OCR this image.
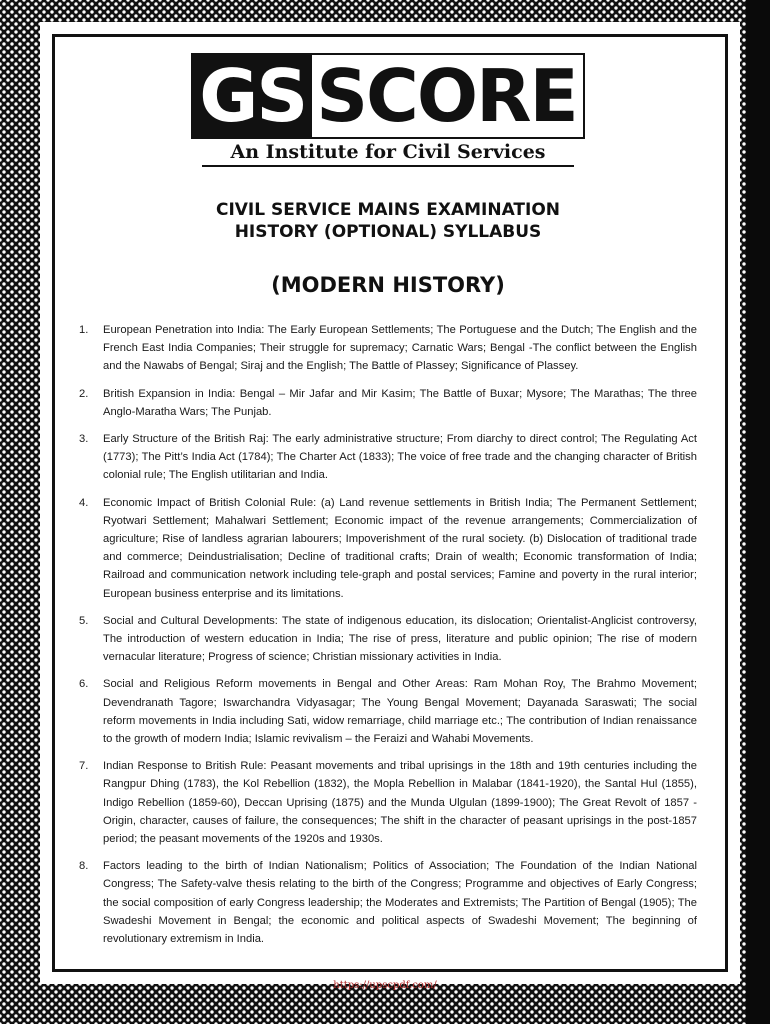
GS SCORE
An Institute for Civil Services
CIVIL SERVICE MAINS EXAMINATION
HISTORY (OPTIONAL) SYLLABUS
(MODERN HISTORY)
1.	European Penetration into India: The Early European Settlements; The Portuguese and the Dutch; The English and the French East India Companies; Their struggle for supremacy; Carnatic Wars; Bengal -The conflict between the English and the Nawabs of Bengal; Siraj and the English; The Battle of Plassey; Significance of Plassey.
2.	British Expansion in India: Bengal – Mir Jafar and Mir Kasim; The Battle of Buxar; Mysore; The Marathas; The three Anglo-Maratha Wars; The Punjab.
3.	Early Structure of the British Raj: The early administrative structure; From diarchy to direct control; The Regulating Act (1773); The Pitt’s India Act (1784); The Charter Act (1833); The voice of free trade and the changing character of British colonial rule; The English utilitarian and India.
4.	Economic Impact of British Colonial Rule: (a) Land revenue settlements in British India; The Permanent Settlement; Ryotwari Settlement; Mahalwari Settlement; Economic impact of the revenue arrangements; Commercialization of agriculture; Rise of landless agrarian labourers; Impoverishment of the rural society. (b) Dislocation of traditional trade and commerce; Deindustrialisation; Decline of traditional crafts; Drain of wealth; Economic transformation of India; Railroad and communication network including tele-graph and postal services; Famine and poverty in the rural interior; European business enterprise and its limitations.
5.	Social and Cultural Developments: The state of indigenous education, its dislocation; Orientalist-Anglicist controversy, The introduction of western education in India; The rise of press, literature and public opinion; The rise of modern vernacular literature; Progress of science; Christian missionary activities in India.
6.	Social and Religious Reform movements in Bengal and Other Areas: Ram Mohan Roy, The Brahmo Movement; Devendranath Tagore; Iswarchandra Vidyasagar; The Young Bengal Movement; Dayanada Saraswati; The social reform movements in India including Sati, widow remarriage, child marriage etc.; The contribution of Indian renaissance to the growth of modern India; Islamic revivalism – the Feraizi and Wahabi Movements.
7.	Indian Response to British Rule: Peasant movements and tribal uprisings in the 18th and 19th centuries including the Rangpur Dhing (1783), the Kol Rebellion (1832), the Mopla Rebellion in Malabar (1841-1920), the Santal Hul (1855), Indigo Rebellion (1859-60), Deccan Uprising (1875) and the Munda Ulgulan (1899-1900); The Great Revolt of 1857 - Origin, character, causes of failure, the consequences; The shift in the character of peasant uprisings in the post-1857 period; the peasant movements of the 1920s and 1930s.
8.	Factors leading to the birth of Indian Nationalism; Politics of Association; The Foundation of the Indian National Congress; The Safety-valve thesis relating to the birth of the Congress; Programme and objectives of Early Congress; the social composition of early Congress leadership; the Moderates and Extremists; The Partition of Bengal (1905); The Swadeshi Movement in Bengal; the economic and political aspects of Swadeshi Movement; The beginning of revolutionary extremism in India.
https://upscpdf.com/
